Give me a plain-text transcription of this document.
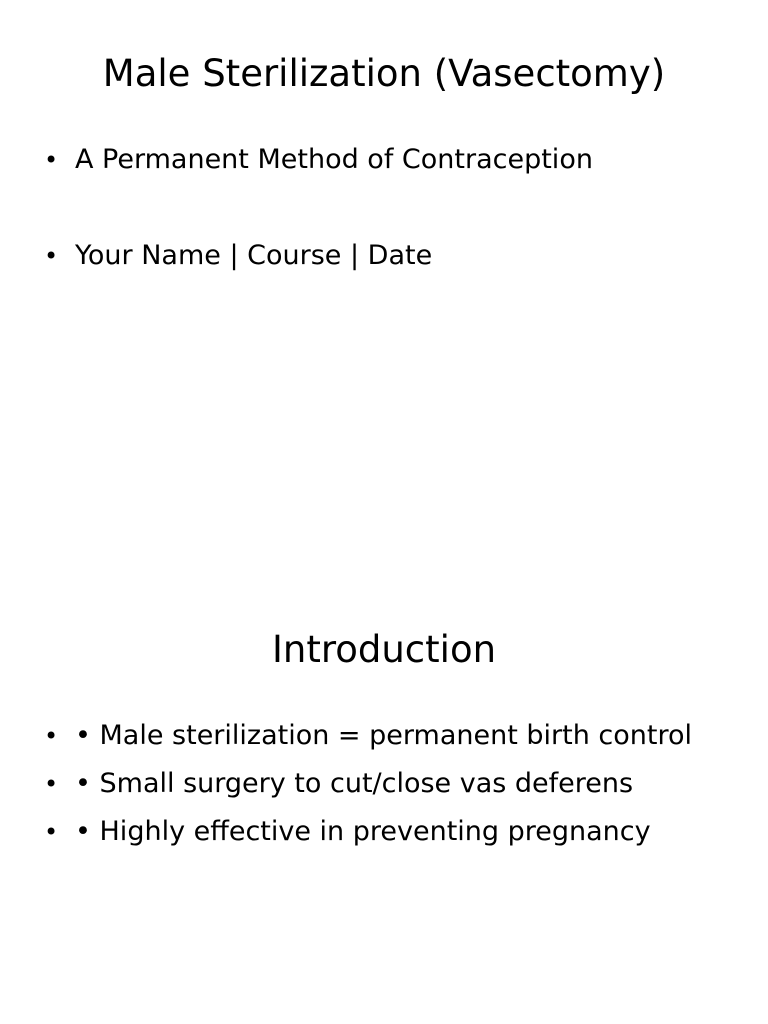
Male Sterilization (Vasectomy)
• A Permanent Method of Contraception
• Your Name | Course | Date
Introduction
• • Male sterilization = permanent birth control
• • Small surgery to cut/close vas deferens
• • Highly effective in preventing pregnancy
